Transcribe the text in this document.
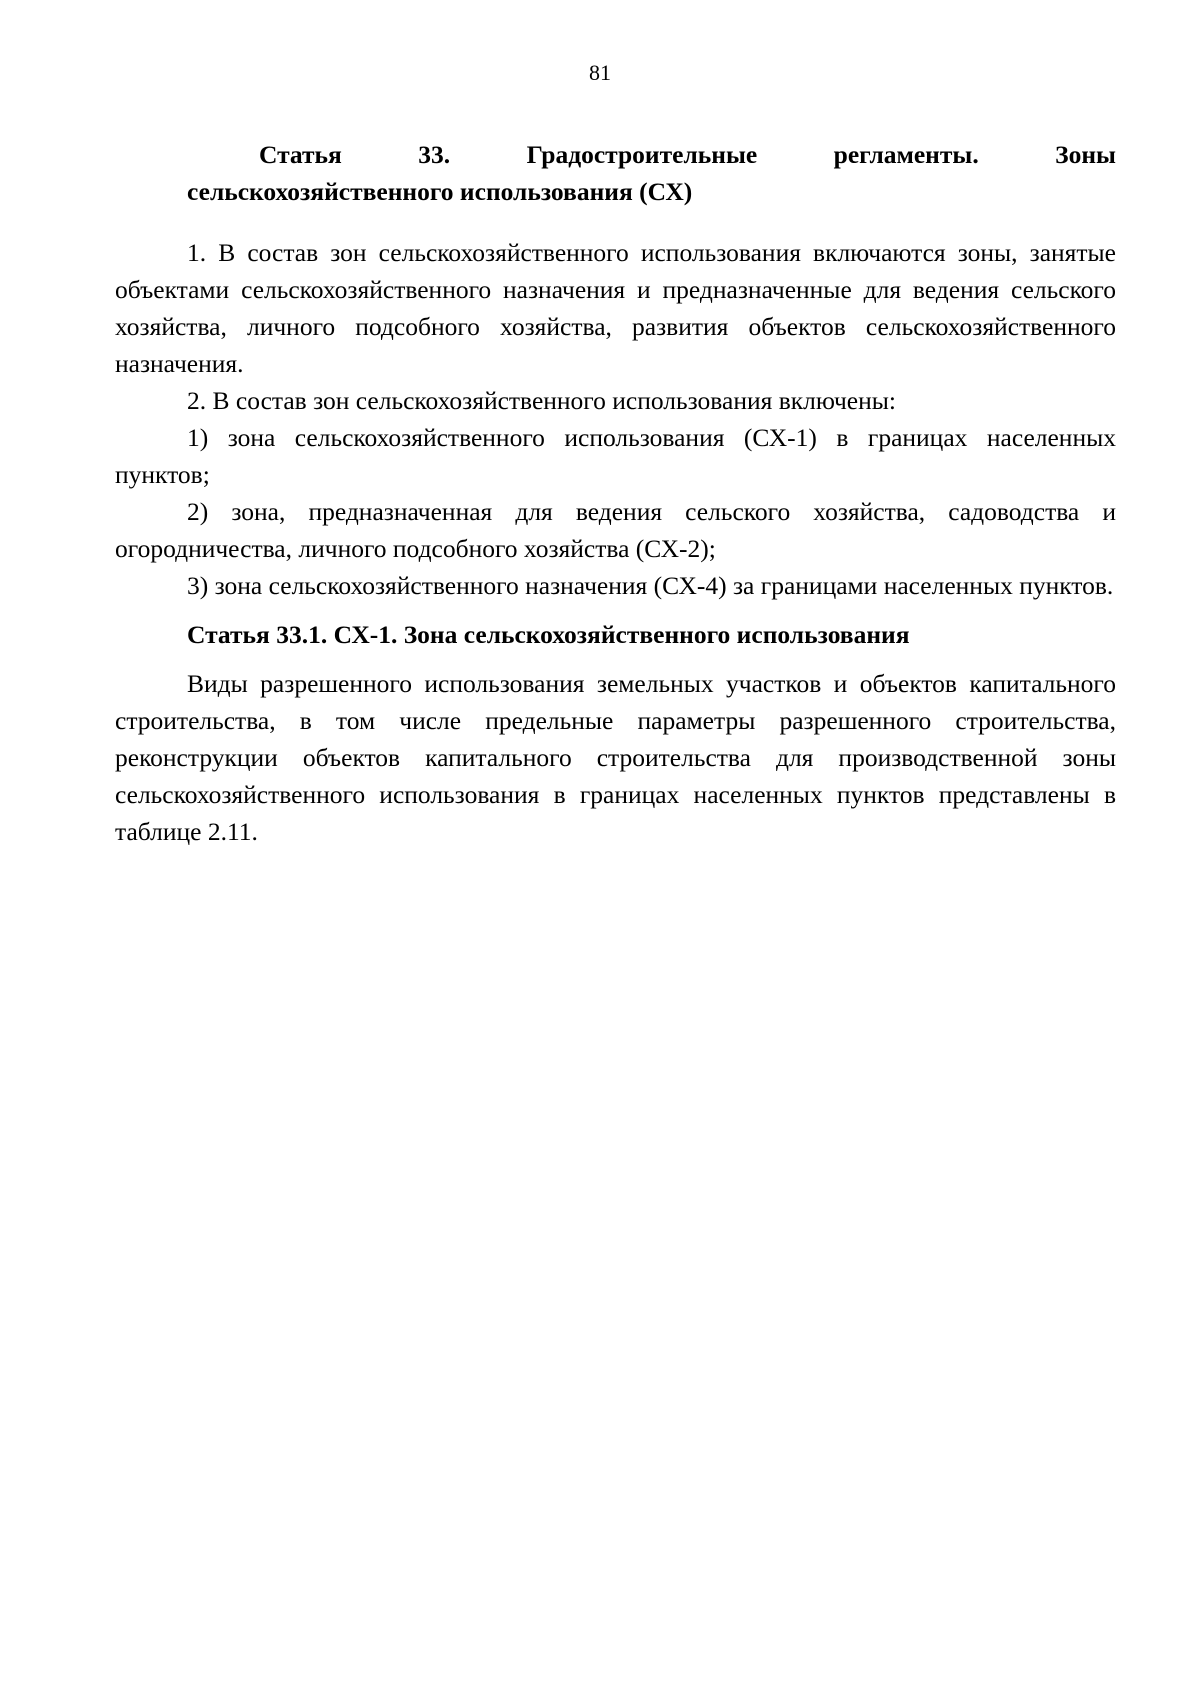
81
Статья	33.	Градостроительные	регламенты.	Зоны
сельскохозяйственного использования (СХ)

1. В состав зон сельскохозяйственного использования включаются зоны, занятые объектами сельскохозяйственного назначения и предназначенные для ведения сельского хозяйства, личного подсобного хозяйства, развития объектов сельскохозяйственного назначения.

2. В состав зон сельскохозяйственного использования включены:

1) зона сельскохозяйственного использования (СХ-1) в границах населенных пунктов;

2) зона, предназначенная для ведения сельского хозяйства, садоводства и огородничества, личного подсобного хозяйства (СХ-2);

3) зона сельскохозяйственного назначения (СХ-4) за границами населенных пунктов.

Статья 33.1. СХ-1. Зона сельскохозяйственного использования

Виды разрешенного использования земельных участков и объектов капитального строительства, в том числе предельные параметры разрешенного строительства, реконструкции объектов капитального строительства для производственной зоны сельскохозяйственного использования в границах населенных пунктов представлены в таблице 2.11.
